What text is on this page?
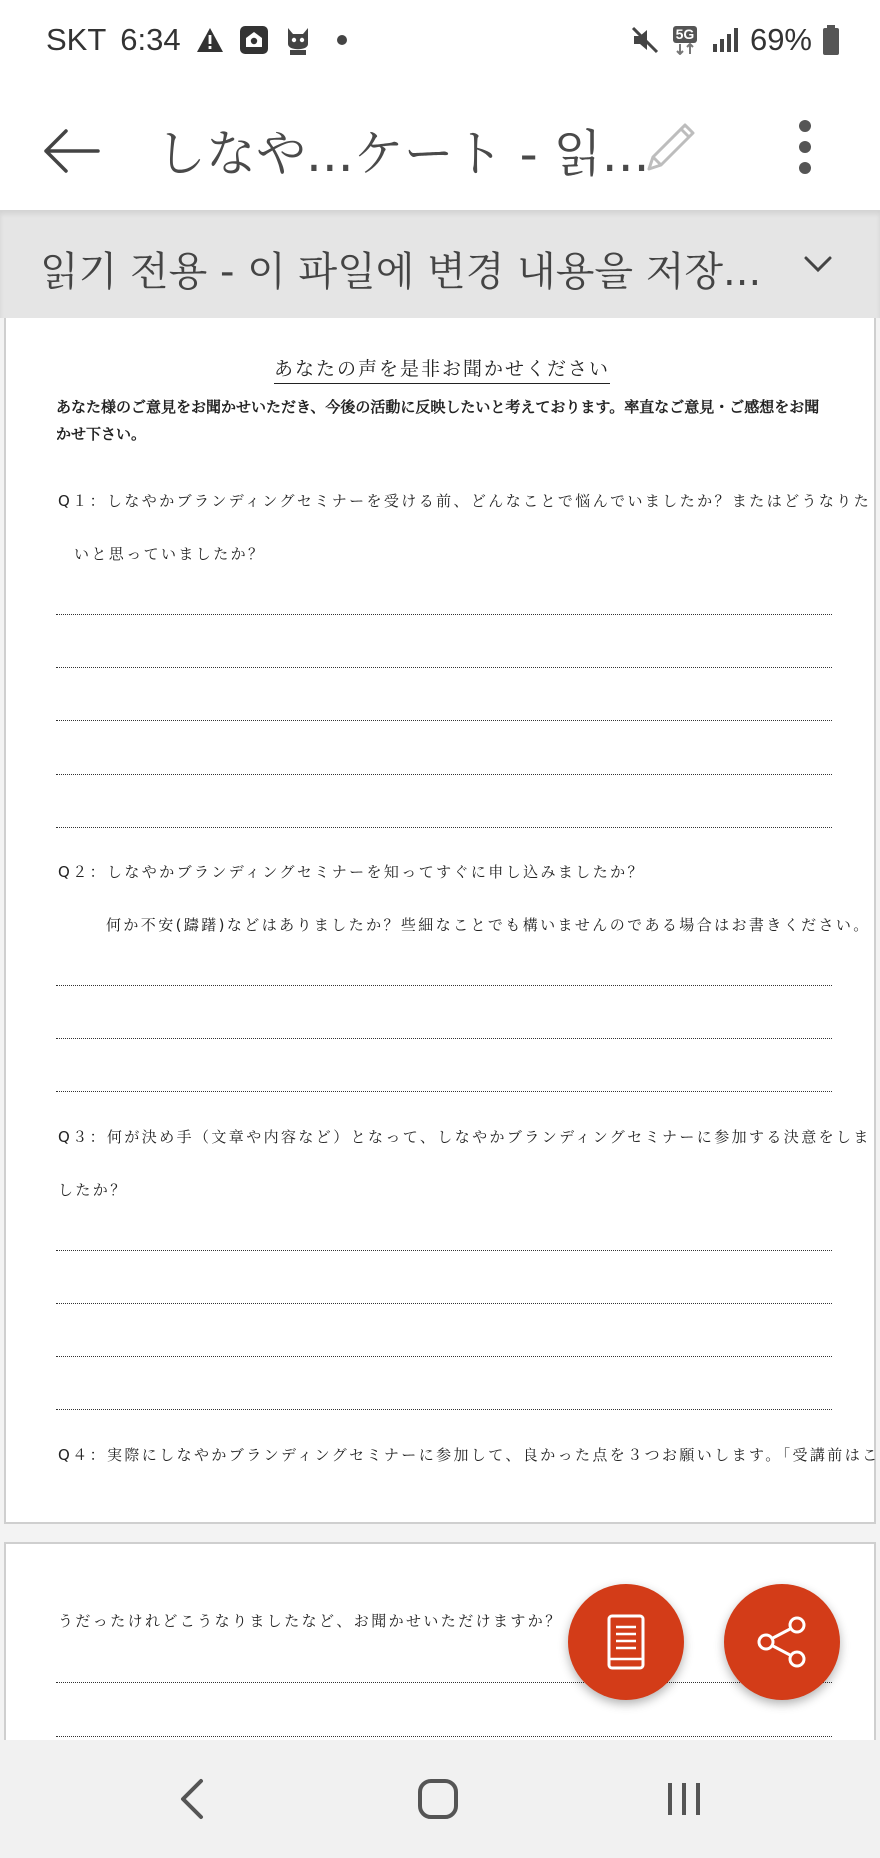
SKT 6:34	5G 69%
しなや...ケート - 읽...
읽기 전용 - 이 파일에 변경 내용을 저장...
あなたの声を是非お聞かせください
あなた様のご意見をお聞かせいただき、今後の活動に反映したいと考えております。率直なご意見・ご感想をお聞かせ下さい。
Q１：しなやかブランディングセミナーを受ける前、どんなことで悩んでいましたか？またはどうなりた
いと思っていましたか？
Q２：しなやかブランディングセミナーを知ってすぐに申し込みましたか？
何か不安(躊躇)などはありましたか？些細なことでも構いませんのである場合はお書きください。
Q３：何が決め手（文章や内容など）となって、しなやかブランディングセミナーに参加する決意をしま
したか？
Q４：実際にしなやかブランディングセミナーに参加して、良かった点を３つお願いします。「受講前はこ
うだったけれどこうなりましたなど、お聞かせいただけますか？
